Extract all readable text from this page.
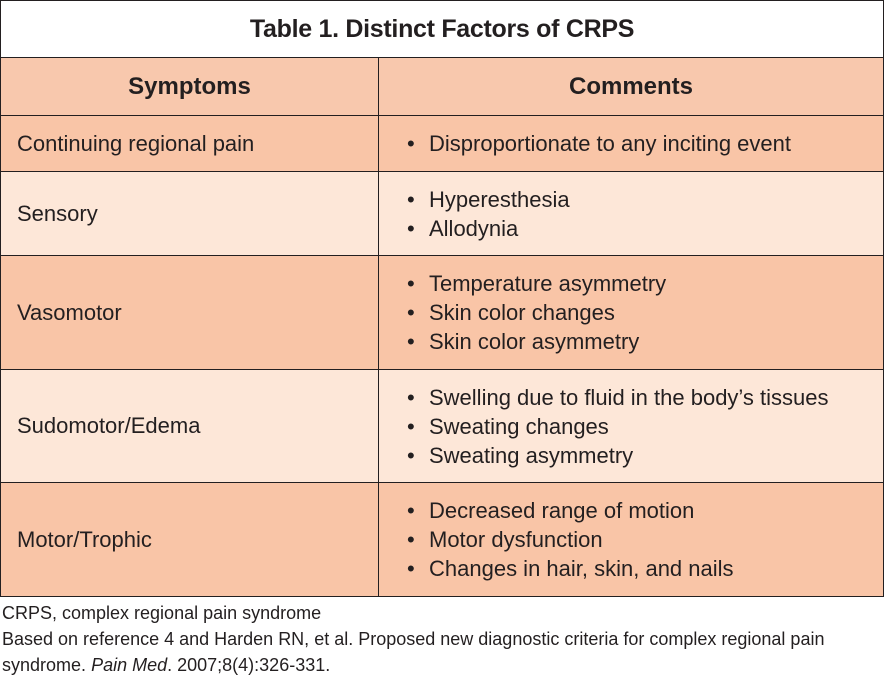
Table 1. Distinct Factors of CRPS
Symptoms	Comments
Continuing regional pain
•	Disproportionate to any inciting event
Sensory
• Hyperesthesia
• Allodynia
Vasomotor
• Temperature asymmetry
• Skin color changes
• Skin color asymmetry
Sudomotor/Edema
• Swelling due to fluid in the body’s tissues
• Sweating changes
• Sweating asymmetry
Motor/Trophic
• Decreased range of motion
• Motor dysfunction
• Changes in hair, skin, and nails

CRPS, complex regional pain syndrome

Based on reference 4 and Harden RN, et al. Proposed new diagnostic criteria for complex regional pain syndrome. Pain Med. 2007;8(4):326-331.
